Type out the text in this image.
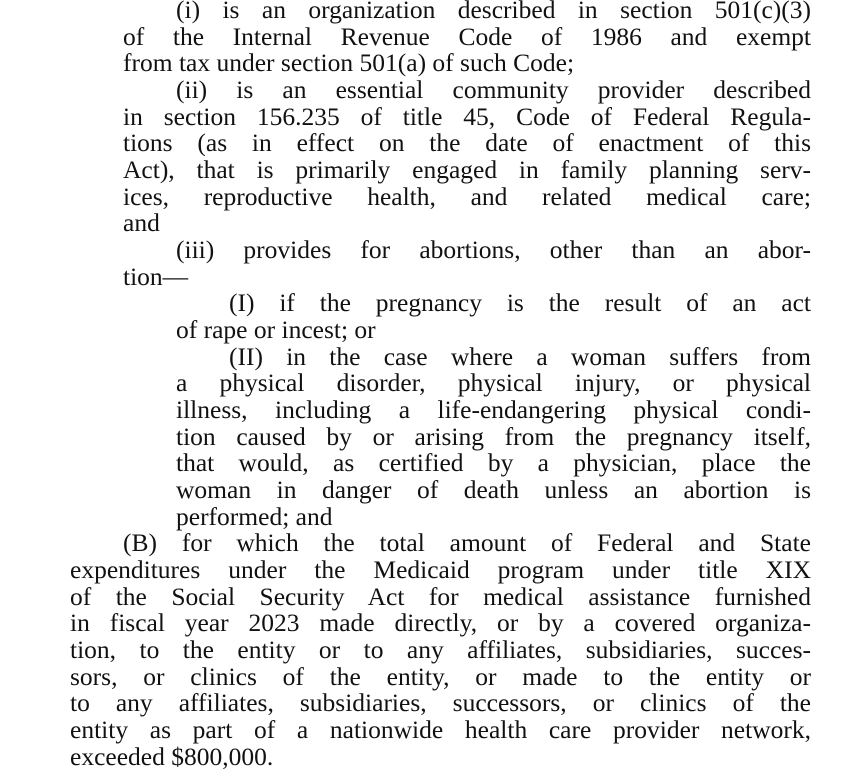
(i) is an organization described in section 501(c)(3)

of the Internal Revenue Code of 1986 and exempt

from tax under section 501(a) of such Code;

(ii) is an essential community provider described

in section 156.235 of title 45, Code of Federal Regula-

tions (as in effect on the date of enactment of this

Act), that is primarily engaged in family planning serv-

ices, reproductive health, and related medical care;

and

(iii) provides for abortions, other than an abor-

tion—

(I) if the pregnancy is the result of an act

of rape or incest; or

(II) in the case where a woman suffers from

a physical disorder, physical injury, or physical

illness, including a life-endangering physical condi-

tion caused by or arising from the pregnancy itself,

that would, as certified by a physician, place the

woman in danger of death unless an abortion is

performed; and

(B) for which the total amount of Federal and State

expenditures under the Medicaid program under title XIX

of the Social Security Act for medical assistance furnished

in fiscal year 2023 made directly, or by a covered organiza-

tion, to the entity or to any affiliates, subsidiaries, succes-

sors, or clinics of the entity, or made to the entity or

to any affiliates, subsidiaries, successors, or clinics of the

entity as part of a nationwide health care provider network,

exceeded $800,000.
